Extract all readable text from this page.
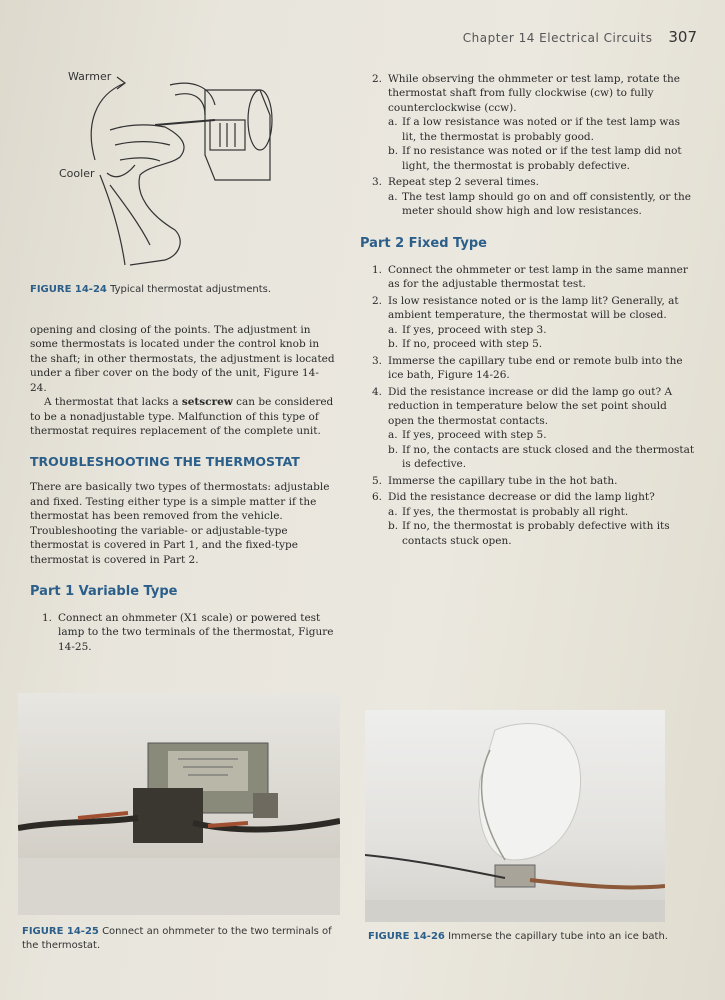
Chapter 14 Electrical Circuits 307
Warmer
Cooler
FIGURE 14-24 Typical thermostat adjustments.

opening and closing of the points. The adjustment in some thermostats is located under the control knob in the shaft; in other thermostats, the adjustment is located under a fiber cover on the body of the unit, Figure 14-24.

A thermostat that lacks a setscrew can be considered to be a nonadjustable type. Malfunction of this type of thermostat requires replacement of the complete unit.

TROUBLESHOOTING THE THERMOSTAT

There are basically two types of thermostats: adjustable and fixed. Testing either type is a simple matter if the thermostat has been removed from the vehicle. Troubleshooting the variable- or adjustable-type thermostat is covered in Part 1, and the fixed-type thermostat is covered in Part 2.

Part 1 Variable Type
1. Connect an ohmmeter (X1 scale) or powered test lamp to the two terminals of the thermostat, Figure 14-25.
2. While observing the ohmmeter or test lamp, rotate the thermostat shaft from fully clockwise (cw) to fully counterclockwise (ccw).
a. If a low resistance was noted or if the test lamp was lit, the thermostat is probably good.
b. If no resistance was noted or if the test lamp did not light, the thermostat is probably defective.
3. Repeat step 2 several times.
a. The test lamp should go on and off consistently, or the meter should show high and low resistances.
Part 2 Fixed Type
1. Connect the ohmmeter or test lamp in the same manner as for the adjustable thermostat test.
2. Is low resistance noted or is the lamp lit? Generally, at ambient temperature, the thermostat will be closed.
a. If yes, proceed with step 3.
b. If no, proceed with step 5.
3. Immerse the capillary tube end or remote bulb into the ice bath, Figure 14-26.
4. Did the resistance increase or did the lamp go out? A reduction in temperature below the set point should open the thermostat contacts.
a. If yes, proceed with step 5.
b. If no, the contacts are stuck closed and the thermostat is defective.
5. Immerse the capillary tube in the hot bath.
6. Did the resistance decrease or did the lamp light?
a. If yes, the thermostat is probably all right.
b. If no, the thermostat is probably defective with its contacts stuck open.
FIGURE 14-25 Connect an ohmmeter to the two terminals of the thermostat.
FIGURE 14-26 Immerse the capillary tube into an ice bath.
